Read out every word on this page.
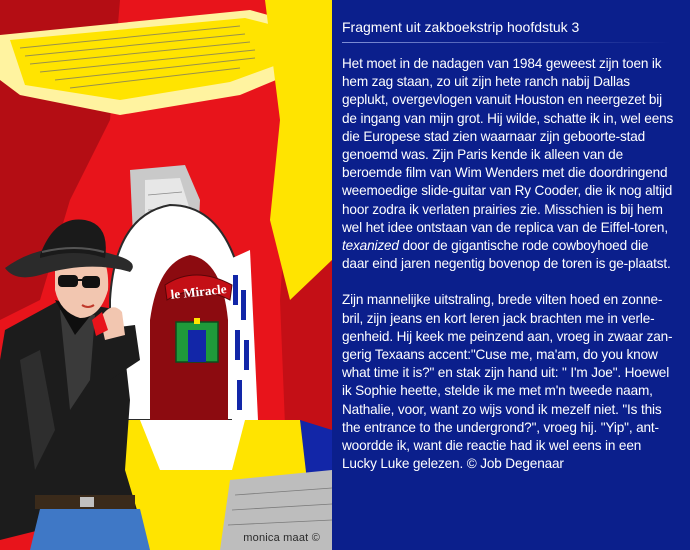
le Miracle
monica maat ©
Fragment uit zakboekstrip hoofdstuk 3

Het moet in de nadagen van 1984 geweest zijn toen ik hem zag staan, zo uit zijn hete ranch nabij Dallas geplukt, overgevlogen vanuit Houston en neergezet bij de ingang van mijn grot. Hij wilde, schatte ik in, wel eens die Europese stad zien waarnaar zijn geboorte-stad genoemd was. Zijn Paris kende ik alleen van de beroemde film van Wim Wenders met die doordringend weemoedige slide-guitar van Ry Cooder, die ik nog altijd hoor zodra ik verlaten prairies zie. Misschien is bij hem wel het idee ontstaan van de replica van de Eiffel-toren, texanized door de gigantische rode cowboyhoed die daar eind jaren negentig bovenop de toren is ge-plaatst.

Zijn mannelijke uitstraling, brede vilten hoed en zonne-bril, zijn jeans en kort leren jack brachten me in verle-genheid. Hij keek me peinzend aan, vroeg in zwaar zan-gerig Texaans accent:"Cuse me, ma'am, do you know what time it is?" en stak zijn hand uit: " I'm Joe". Hoewel ik Sophie heette, stelde ik me met m'n tweede naam, Nathalie, voor, want zo wijs vond ik mezelf niet. "Is this the entrance to the undergrond?", vroeg hij. "Yip", ant-woordde ik, want die reactie had ik wel eens in een Lucky Luke gelezen. © Job Degenaar
